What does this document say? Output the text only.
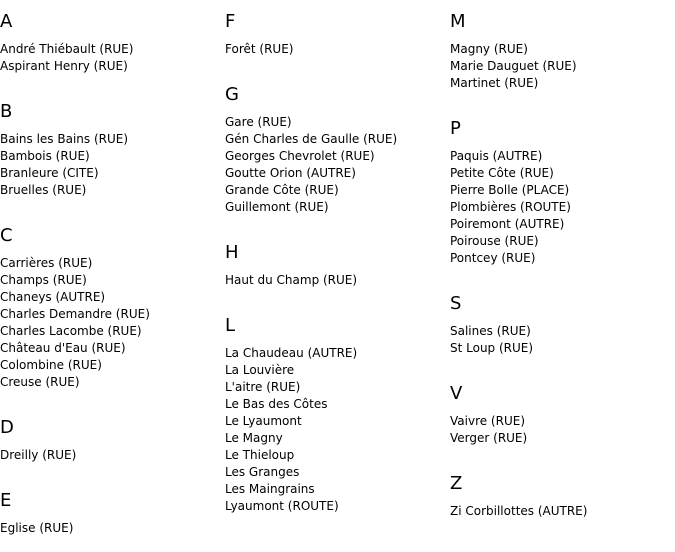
A
André Thiébault (RUE)
Aspirant Henry (RUE)
B
Bains les Bains (RUE)
Bambois (RUE)
Branleure (CITE)
Bruelles (RUE)
C
Carrières (RUE)
Champs (RUE)
Chaneys (AUTRE)
Charles Demandre (RUE)
Charles Lacombe (RUE)
Château d'Eau (RUE)
Colombine (RUE)
Creuse (RUE)
D
Dreilly (RUE)
E
Eglise (RUE)
F
Forêt (RUE)
G
Gare (RUE)
Gén Charles de Gaulle (RUE)
Georges Chevrolet (RUE)
Goutte Orion (AUTRE)
Grande Côte (RUE)
Guillemont (RUE)
H
Haut du Champ (RUE)
L
La Chaudeau (AUTRE)
La Louvière
L'aitre (RUE)
Le Bas des Côtes
Le Lyaumont
Le Magny
Le Thieloup
Les Granges
Les Maingrains
Lyaumont (ROUTE)
M
Magny (RUE)
Marie Dauguet (RUE)
Martinet (RUE)
P
Paquis (AUTRE)
Petite Côte (RUE)
Pierre Bolle (PLACE)
Plombières (ROUTE)
Poiremont (AUTRE)
Poirouse (RUE)
Pontcey (RUE)
S
Salines (RUE)
St Loup (RUE)
V
Vaivre (RUE)
Verger (RUE)
Z
Zi Corbillottes (AUTRE)
